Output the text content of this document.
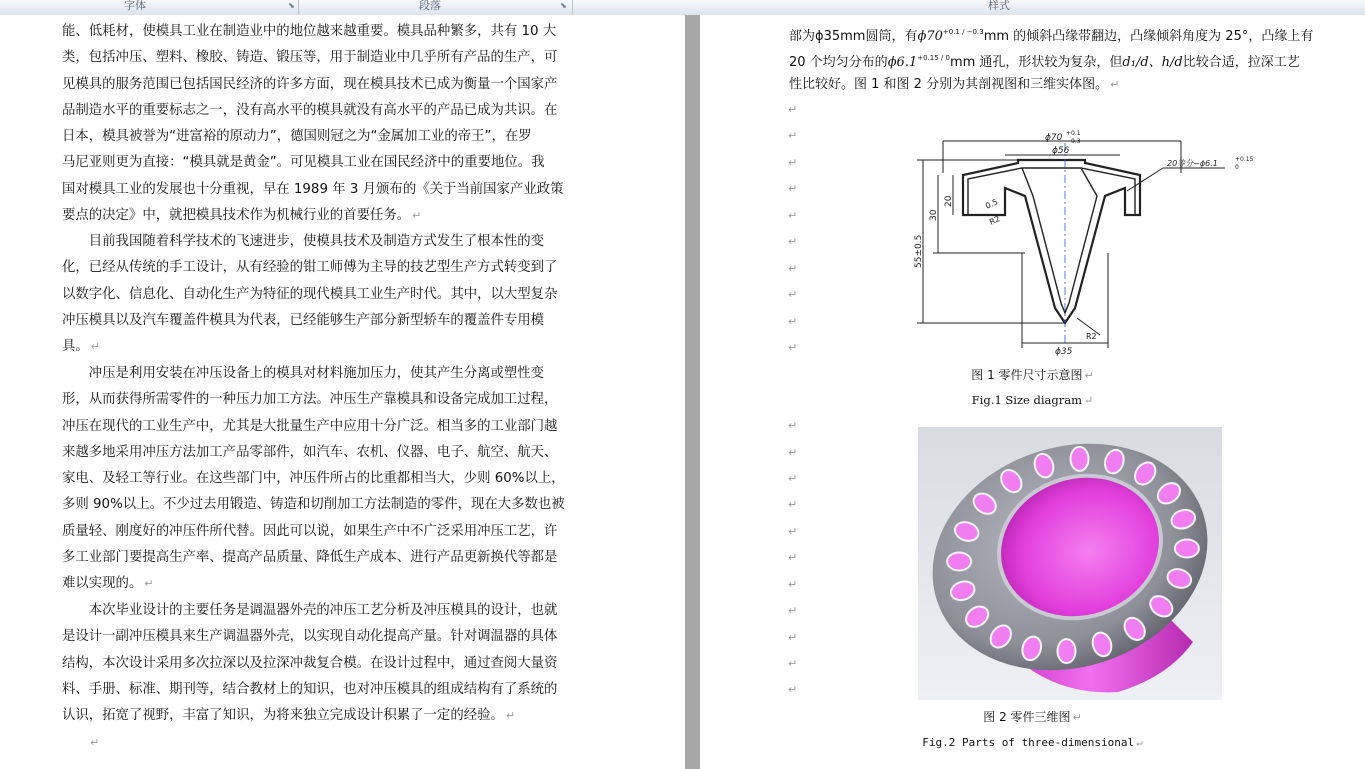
字体	⬊	段落	⬊	样式
能、低耗材，使模具工业在制造业中的地位越来越重要。模具品种繁多，共有 10 大
类，包括冲压、塑料、橡胶、铸造、锻压等，用于制造业中几乎所有产品的生产，可
见模具的服务范围已包括国民经济的许多方面，现在模具技术已成为衡量一个国家产
品制造水平的重要标志之一，没有高水平的模具就没有高水平的产品已成为共识。在
日本，模具被誉为“进富裕的原动力”，德国则冠之为“金属加工业的帝王”，在罗
马尼亚则更为直接：“模具就是黄金”。可见模具工业在国民经济中的重要地位。我
国对模具工业的发展也十分重视，早在 1989 年 3 月颁布的《关于当前国家产业政策
要点的决定》中，就把模具技术作为机械行业的首要任务。 ↵
　　目前我国随着科学技术的飞速进步，使模具技术及制造方式发生了根本性的变
化，已经从传统的手工设计，从有经验的钳工师傅为主导的技艺型生产方式转变到了
以数字化、信息化、自动化生产为特征的现代模具工业生产时代。其中，以大型复杂
冲压模具以及汽车覆盖件模具为代表，已经能够生产部分新型轿车的覆盖件专用模
具。 ↵
　　冲压是利用安装在冲压设备上的模具对材料施加压力，使其产生分离或塑性变
形，从而获得所需零件的一种压力加工方法。冲压生产靠模具和设备完成加工过程，
冲压在现代的工业生产中，尤其是大批量生产中应用十分广泛。相当多的工业部门越
来越多地采用冲压方法加工产品零部件，如汽车、农机、仪器、电子、航空、航天、
家电、及轻工等行业。在这些部门中，冲压件所占的比重都相当大，少则 60%以上，
多则 90%以上。不少过去用锻造、铸造和切削加工方法制造的零件，现在大多数也被
质量轻、刚度好的冲压件所代替。因此可以说，如果生产中不广泛采用冲压工艺，许
多工业部门要提高生产率、提高产品质量、降低生产成本、进行产品更新换代等都是
难以实现的。 ↵
　　本次毕业设计的主要任务是调温器外壳的冲压工艺分析及冲压模具的设计，也就
是设计一副冲压模具来生产调温器外壳，以实现自动化提高产量。针对调温器的具体
结构，本次设计采用多次拉深以及拉深冲裁复合模。在设计过程中，通过查阅大量资
料、手册、标准、期刊等，结合教材上的知识，也对冲压模具的组成结构有了系统的
认识，拓宽了视野，丰富了知识，为将来独立完成设计积累了一定的经验。 ↵
↵
部为ϕ35mm圆筒，有$\phi 70^{+0.1 / -0.3}mm$ 的倾斜凸缘带翻边，凸缘倾斜角度为 25°，凸缘上有
20 个均匀分布的$\phi 6.1^{+0.15 / 0}mm$ 通孔，形状较为复杂，但d₁/d、h/d比较合适，拉深工艺
性比较好。图 1 和图 2 分别为其剖视图和三维实体图。 ↵
↵
↵
↵
↵
↵
↵
↵
↵
↵
↵
↵
↵
↵
↵
↵
↵
↵
↵
↵
↵
↵
ϕ70 +0.1
−0.3
ϕ56
20等分−ϕ6.1	+0.15
0
20
30
55±0.5
R2
0.5
R2
ϕ35
图 1 零件尺寸示意图 ↵
Fig.1 Size diagram ↵
图 2 零件三维图 ↵
Fig.2 Parts of three-dimensional ↵
